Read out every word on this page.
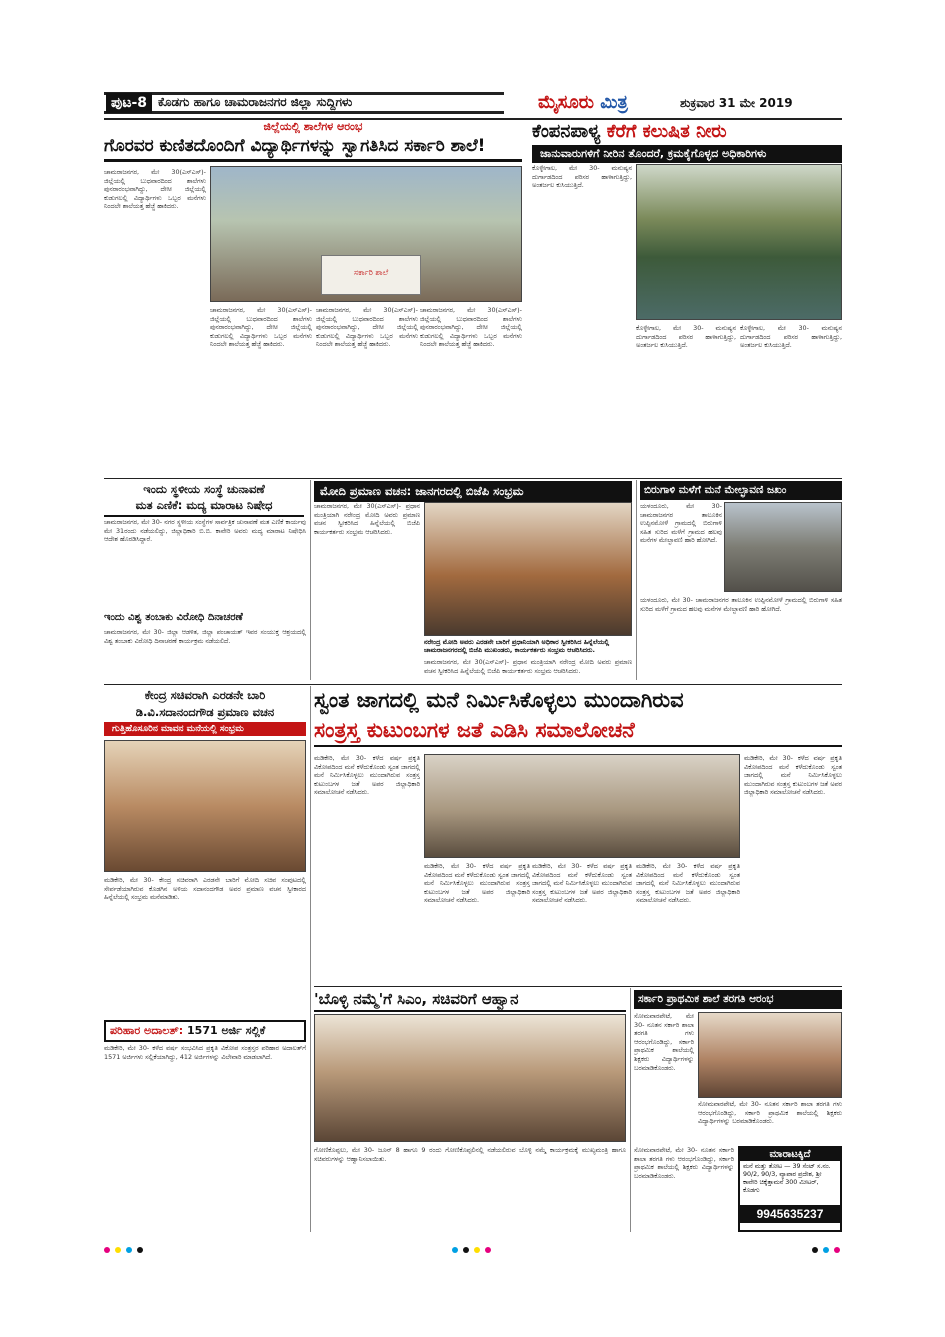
ಪುಟ-8 ಕೊಡಗು ಹಾಗೂ ಚಾಮರಾಜನಗರ ಜಿಲ್ಲಾ ಸುದ್ದಿಗಳು	ಮೈಸೂರು ಮಿತ್ರ	ಶುಕ್ರವಾರ 31 ಮೇ 2019
ಜಿಲ್ಲೆಯಲ್ಲಿ ಶಾಲೆಗಳ ಆರಂಭ
ಗೊರವರ ಕುಣಿತದೊಂದಿಗೆ ವಿದ್ಯಾರ್ಥಿಗಳನ್ನು ಸ್ವಾಗತಿಸಿದ ಸರ್ಕಾರಿ ಶಾಲೆ!
ಚಾಮರಾಜನಗರ, ಮೇ 30(ಎಸ್‌ಎಸ್)- ಜಿಲ್ಲೆಯಲ್ಲಿ ಬುಧವಾರದಿಂದ ಶಾಲೆಗಳು ಪುನರಾರಂಭವಾಗಿದ್ದು, ದೇಸೀ ಜಿಲ್ಲೆಯಲ್ಲಿ ಕುಡುಗಲಲ್ಲಿ ವಿದ್ಯಾರ್ಥಿಗಳು ಒಬ್ಬರ ಮನೆಗಳು ನಿಂದಲೇ ಶಾಲೆಯತ್ತ ಹೆಜ್ಜೆ ಹಾಕಿದರು.
ಸರ್ಕಾರಿ ಶಾಲೆ
ಚಾಮರಾಜನಗರ, ಮೇ 30(ಎಸ್‌ಎಸ್)- ಜಿಲ್ಲೆಯಲ್ಲಿ ಬುಧವಾರದಿಂದ ಶಾಲೆಗಳು ಪುನರಾರಂಭವಾಗಿದ್ದು, ದೇಸೀ ಜಿಲ್ಲೆಯಲ್ಲಿ ಕುಡುಗಲಲ್ಲಿ ವಿದ್ಯಾರ್ಥಿಗಳು ಒಬ್ಬರ ಮನೆಗಳು ನಿಂದಲೇ ಶಾಲೆಯತ್ತ ಹೆಜ್ಜೆ ಹಾಕಿದರು.
ಚಾಮರಾಜನಗರ, ಮೇ 30(ಎಸ್‌ಎಸ್)- ಜಿಲ್ಲೆಯಲ್ಲಿ ಬುಧವಾರದಿಂದ ಶಾಲೆಗಳು ಪುನರಾರಂಭವಾಗಿದ್ದು, ದೇಸೀ ಜಿಲ್ಲೆಯಲ್ಲಿ ಕುಡುಗಲಲ್ಲಿ ವಿದ್ಯಾರ್ಥಿಗಳು ಒಬ್ಬರ ಮನೆಗಳು ನಿಂದಲೇ ಶಾಲೆಯತ್ತ ಹೆಜ್ಜೆ ಹಾಕಿದರು.
ಚಾಮರಾಜನಗರ, ಮೇ 30(ಎಸ್‌ಎಸ್)- ಜಿಲ್ಲೆಯಲ್ಲಿ ಬುಧವಾರದಿಂದ ಶಾಲೆಗಳು ಪುನರಾರಂಭವಾಗಿದ್ದು, ದೇಸೀ ಜಿಲ್ಲೆಯಲ್ಲಿ ಕುಡುಗಲಲ್ಲಿ ವಿದ್ಯಾರ್ಥಿಗಳು ಒಬ್ಬರ ಮನೆಗಳು ನಿಂದಲೇ ಶಾಲೆಯತ್ತ ಹೆಜ್ಜೆ ಹಾಕಿದರು.
ಕೆಂಪನಪಾಳ್ಯ ಕೆರೆಗೆ ಕಲುಷಿತ ನೀರು
ಜಾನುವಾರುಗಳಿಗೆ ನೀರಿನ ತೊಂದರೆ, ಕ್ರಮಕೈಗೊಳ್ಳದ ಅಧಿಕಾರಿಗಳು
ಕೊಳ್ಳೇಗಾಲ, ಮೇ 30- ಮನುಷ್ಯನ ದುರ್ಗಾಡದಿಂದ ಪರಿಸರ ಹಾಳಾಗುತ್ತಿದ್ದು, ಅಂತರ್ಜಲ ಕುಸಿಯುತ್ತಿದೆ.
ಕೊಳ್ಳೇಗಾಲ, ಮೇ 30- ಮನುಷ್ಯನ ದುರ್ಗಾಡದಿಂದ ಪರಿಸರ ಹಾಳಾಗುತ್ತಿದ್ದು, ಅಂತರ್ಜಲ ಕುಸಿಯುತ್ತಿದೆ.
ಕೊಳ್ಳೇಗಾಲ, ಮೇ 30- ಮನುಷ್ಯನ ದುರ್ಗಾಡದಿಂದ ಪರಿಸರ ಹಾಳಾಗುತ್ತಿದ್ದು, ಅಂತರ್ಜಲ ಕುಸಿಯುತ್ತಿದೆ.
ಇಂದು ಸ್ಥಳೀಯ ಸಂಸ್ಥೆ ಚುನಾವಣೆ
ಮತ ಎಣಿಕೆ: ಮದ್ಯ ಮಾರಾಟ ನಿಷೇಧ
ಚಾಮರಾಜನಗರ, ಮೇ 30- ನಗರ ಸ್ಥಳೀಯ ಸಂಸ್ಥೆಗಳ ಸಾರ್ವತ್ರಿಕ ಚುನಾವಣೆ ಮತ ಎಣಿಕೆ ಕಾರ್ಯವು ಮೇ 31ರಂದು ನಡೆಯಲಿದ್ದು, ಜಿಲ್ಲಾಧಿಕಾರಿ ಬಿ.ಬಿ. ಕಾವೇರಿ ಅವರು ಮದ್ಯ ಮಾರಾಟ ನಿಷೇಧಿಸಿ ಆದೇಶ ಹೊರಡಿಸಿದ್ದಾರೆ.
ಇಂದು ವಿಶ್ವ ತಂಬಾಕು ವಿರೋಧಿ ದಿನಾಚರಣೆ
ಚಾಮರಾಜನಗರ, ಮೇ 30- ಜಿಲ್ಲಾ ಆಡಳಿತ, ಜಿಲ್ಲಾ ಪಂಚಾಯತ್ ಇವರ ಸಂಯುಕ್ತ ಆಶ್ರಯದಲ್ಲಿ ವಿಶ್ವ ತಂಬಾಕು ವಿರೋಧಿ ದಿನಾಚರಣೆ ಕಾರ್ಯಕ್ರಮ ನಡೆಯಲಿದೆ.
ಮೋದಿ ಪ್ರಮಾಣ ವಚನ: ಜಾನಗರದಲ್ಲಿ ಬಿಜೆಪಿ ಸಂಭ್ರಮ
ಚಾಮರಾಜನಗರ, ಮೇ 30(ಎಸ್‌ಎಸ್)- ಪ್ರಧಾನ ಮಂತ್ರಿಯಾಗಿ ನರೇಂದ್ರ ಮೋದಿ ಅವರು ಪ್ರಮಾಣ ವಚನ ಸ್ವೀಕರಿಸಿದ ಹಿನ್ನೆಲೆಯಲ್ಲಿ ಬಿಜೆಪಿ ಕಾರ್ಯಕರ್ತರು ಸಂಭ್ರಮ ಆಚರಿಸಿದರು.
ನರೇಂದ್ರ ಮೋದಿ ಅವರು ಎರಡನೇ ಬಾರಿಗೆ ಪ್ರಧಾನಿಯಾಗಿ ಅಧಿಕಾರ ಸ್ವೀಕರಿಸಿದ ಹಿನ್ನೆಲೆಯಲ್ಲಿ ಚಾಮರಾಜನಗರದಲ್ಲಿ ಬಿಜೆಪಿ ಮುಖಂಡರು, ಕಾರ್ಯಕರ್ತರು ಸಂಭ್ರಮ ಆಚರಿಸಿದರು.
ಚಾಮರಾಜನಗರ, ಮೇ 30(ಎಸ್‌ಎಸ್)- ಪ್ರಧಾನ ಮಂತ್ರಿಯಾಗಿ ನರೇಂದ್ರ ಮೋದಿ ಅವರು ಪ್ರಮಾಣ ವಚನ ಸ್ವೀಕರಿಸಿದ ಹಿನ್ನೆಲೆಯಲ್ಲಿ ಬಿಜೆಪಿ ಕಾರ್ಯಕರ್ತರು ಸಂಭ್ರಮ ಆಚರಿಸಿದರು.
ಬಿರುಗಾಳಿ ಮಳೆಗೆ ಮನೆ ಮೇಲ್ಛಾವಣಿ ಜಖಂ
ಯಳಂದೂರು, ಮೇ 30- ಚಾಮರಾಜನಗರ ತಾಲೂಕಿನ ಉಪ್ಪಿನಮೋಳೆ ಗ್ರಾಮದಲ್ಲಿ ಬಿರುಗಾಳಿ ಸಹಿತ ಸುರಿದ ಮಳೆಗೆ ಗ್ರಾಮದ ಹಲವು ಮನೆಗಳ ಮೇಲ್ಛಾವಣಿ ಹಾರಿ ಹೋಗಿದೆ.
ಯಳಂದೂರು, ಮೇ 30- ಚಾಮರಾಜನಗರ ತಾಲೂಕಿನ ಉಪ್ಪಿನಮೋಳೆ ಗ್ರಾಮದಲ್ಲಿ ಬಿರುಗಾಳಿ ಸಹಿತ ಸುರಿದ ಮಳೆಗೆ ಗ್ರಾಮದ ಹಲವು ಮನೆಗಳ ಮೇಲ್ಛಾವಣಿ ಹಾರಿ ಹೋಗಿದೆ.
ಕೇಂದ್ರ ಸಚಿವರಾಗಿ ಎರಡನೇ ಬಾರಿ
ಡಿ.ವಿ.ಸದಾನಂದಗೌಡ ಪ್ರಮಾಣ ವಚನ
ಗುತ್ತಿಹೊಸೂರಿನ ಮಾವನ ಮನೆಯಲ್ಲಿ ಸಂಭ್ರಮ
ಮಡಿಕೇರಿ, ಮೇ 30- ಕೇಂದ್ರ ಸಚಿವರಾಗಿ ಎರಡನೇ ಬಾರಿಗೆ ಮೋದಿ ಸಚಿವ ಸಂಪುಟದಲ್ಲಿ ಸೇರ್ಪಡೆಯಾಗಿರುವ ಕೊಡಗಿನ ಅಳಿಯ ಸದಾನಂದಗೌಡ ಅವರ ಪ್ರಮಾಣ ವಚನ ಸ್ವೀಕಾರದ ಹಿನ್ನೆಲೆಯಲ್ಲಿ ಸಂಭ್ರಮ ಮನೆಮಾಡಿತು.
ಪರಿಹಾರ ಅದಾಲತ್: 1571 ಅರ್ಜಿ ಸಲ್ಲಿಕೆ
ಮಡಿಕೇರಿ, ಮೇ 30- ಕಳೆದ ವರ್ಷ ಸಂಭವಿಸಿದ ಪ್ರಕೃತಿ ವಿಕೋಪ ಸಂತ್ರಸ್ತರ ಪರಿಹಾರ ಅದಾಲತ್‌ಗೆ 1571 ಅರ್ಜಿಗಳು ಸಲ್ಲಿಕೆಯಾಗಿದ್ದು, 412 ಅರ್ಜಿಗಳನ್ನು ವಿಲೇವಾರಿ ಮಾಡಲಾಗಿದೆ.
ಸ್ವಂತ ಜಾಗದಲ್ಲಿ ಮನೆ ನಿರ್ಮಿಸಿಕೊಳ್ಳಲು ಮುಂದಾಗಿರುವ
ಸಂತ್ರಸ್ತ ಕುಟುಂಬಗಳ ಜತೆ ಎಡಿಸಿ ಸಮಾಲೋಚನೆ
ಮಡಿಕೇರಿ, ಮೇ 30- ಕಳೆದ ವರ್ಷ ಪ್ರಕೃತಿ ವಿಕೋಪದಿಂದ ಮನೆ ಕಳೆದುಕೊಂಡು ಸ್ವಂತ ಜಾಗದಲ್ಲಿ ಮನೆ ನಿರ್ಮಿಸಿಕೊಳ್ಳಲು ಮುಂದಾಗಿರುವ ಸಂತ್ರಸ್ತ ಕುಟುಂಬಗಳ ಜತೆ ಅಪರ ಜಿಲ್ಲಾಧಿಕಾರಿ ಸಮಾಲೋಚನೆ ನಡೆಸಿದರು.
ಮಡಿಕೇರಿ, ಮೇ 30- ಕಳೆದ ವರ್ಷ ಪ್ರಕೃತಿ ವಿಕೋಪದಿಂದ ಮನೆ ಕಳೆದುಕೊಂಡು ಸ್ವಂತ ಜಾಗದಲ್ಲಿ ಮನೆ ನಿರ್ಮಿಸಿಕೊಳ್ಳಲು ಮುಂದಾಗಿರುವ ಸಂತ್ರಸ್ತ ಕುಟುಂಬಗಳ ಜತೆ ಅಪರ ಜಿಲ್ಲಾಧಿಕಾರಿ ಸಮಾಲೋಚನೆ ನಡೆಸಿದರು.
ಮಡಿಕೇರಿ, ಮೇ 30- ಕಳೆದ ವರ್ಷ ಪ್ರಕೃತಿ ವಿಕೋಪದಿಂದ ಮನೆ ಕಳೆದುಕೊಂಡು ಸ್ವಂತ ಜಾಗದಲ್ಲಿ ಮನೆ ನಿರ್ಮಿಸಿಕೊಳ್ಳಲು ಮುಂದಾಗಿರುವ ಸಂತ್ರಸ್ತ ಕುಟುಂಬಗಳ ಜತೆ ಅಪರ ಜಿಲ್ಲಾಧಿಕಾರಿ ಸಮಾಲೋಚನೆ ನಡೆಸಿದರು.
ಮಡಿಕೇರಿ, ಮೇ 30- ಕಳೆದ ವರ್ಷ ಪ್ರಕೃತಿ ವಿಕೋಪದಿಂದ ಮನೆ ಕಳೆದುಕೊಂಡು ಸ್ವಂತ ಜಾಗದಲ್ಲಿ ಮನೆ ನಿರ್ಮಿಸಿಕೊಳ್ಳಲು ಮುಂದಾಗಿರುವ ಸಂತ್ರಸ್ತ ಕುಟುಂಬಗಳ ಜತೆ ಅಪರ ಜಿಲ್ಲಾಧಿಕಾರಿ ಸಮಾಲೋಚನೆ ನಡೆಸಿದರು.
ಮಡಿಕೇರಿ, ಮೇ 30- ಕಳೆದ ವರ್ಷ ಪ್ರಕೃತಿ ವಿಕೋಪದಿಂದ ಮನೆ ಕಳೆದುಕೊಂಡು ಸ್ವಂತ ಜಾಗದಲ್ಲಿ ಮನೆ ನಿರ್ಮಿಸಿಕೊಳ್ಳಲು ಮುಂದಾಗಿರುವ ಸಂತ್ರಸ್ತ ಕುಟುಂಬಗಳ ಜತೆ ಅಪರ ಜಿಲ್ಲಾಧಿಕಾರಿ ಸಮಾಲೋಚನೆ ನಡೆಸಿದರು.
'ಬೊಳ್ಳಿ ನಮ್ಮೆ'ಗೆ ಸಿಎಂ, ಸಚಿವರಿಗೆ ಆಹ್ವಾನ
ಗೋಣಿಕೊಪ್ಪಲು, ಮೇ 30- ಜೂನ್ 8 ಹಾಗೂ 9 ರಂದು ಗೋಣಿಕೊಪ್ಪಲಿನಲ್ಲಿ ನಡೆಯಲಿರುವ ಬೊಳ್ಳಿ ನಮ್ಮೆ ಕಾರ್ಯಕ್ರಮಕ್ಕೆ ಮುಖ್ಯಮಂತ್ರಿ ಹಾಗೂ ಸಚಿವರುಗಳನ್ನು ಆಹ್ವಾನಿಸಲಾಯಿತು.
ಸರ್ಕಾರಿ ಪ್ರಾಥಮಿಕ ಶಾಲೆ ತರಗತಿ ಆರಂಭ
ಸೋಮವಾರಪೇಟೆ, ಮೇ 30- ನೂತನ ಸರ್ಕಾರಿ ಶಾಲಾ ತರಗತಿ ಗಳು ಆರಂಭಗೊಂಡಿದ್ದು, ಸರ್ಕಾರಿ ಪ್ರಾಥಮಿಕ ಶಾಲೆಯಲ್ಲಿ ಶಿಕ್ಷಕರು ವಿದ್ಯಾರ್ಥಿಗಳನ್ನು ಬರಮಾಡಿಕೊಂಡರು.
ಸೋಮವಾರಪೇಟೆ, ಮೇ 30- ನೂತನ ಸರ್ಕಾರಿ ಶಾಲಾ ತರಗತಿ ಗಳು ಆರಂಭಗೊಂಡಿದ್ದು, ಸರ್ಕಾರಿ ಪ್ರಾಥಮಿಕ ಶಾಲೆಯಲ್ಲಿ ಶಿಕ್ಷಕರು ವಿದ್ಯಾರ್ಥಿಗಳನ್ನು ಬರಮಾಡಿಕೊಂಡರು.
ಸೋಮವಾರಪೇಟೆ, ಮೇ 30- ನೂತನ ಸರ್ಕಾರಿ ಶಾಲಾ ತರಗತಿ ಗಳು ಆರಂಭಗೊಂಡಿದ್ದು, ಸರ್ಕಾರಿ ಪ್ರಾಥಮಿಕ ಶಾಲೆಯಲ್ಲಿ ಶಿಕ್ಷಕರು ವಿದ್ಯಾರ್ಥಿಗಳನ್ನು ಬರಮಾಡಿಕೊಂಡರು.
ಮಾರಾಟಕ್ಕಿದೆ
ಮನೆ ಮತ್ತು ತೋಟ — 39 ಸೆಂಟ್ ಸ.ನಂ. 90/2, 90/3, ವ್ಯಾಪಾರ ಪ್ರದೇಶ, ಶ್ರೀ ಕಾವೇರಿ ಚಿಕ್ಕೆತ್ತಾಮನೆ 300 ಮೀಟರ್, ಕೊಡಗು
9945635237
